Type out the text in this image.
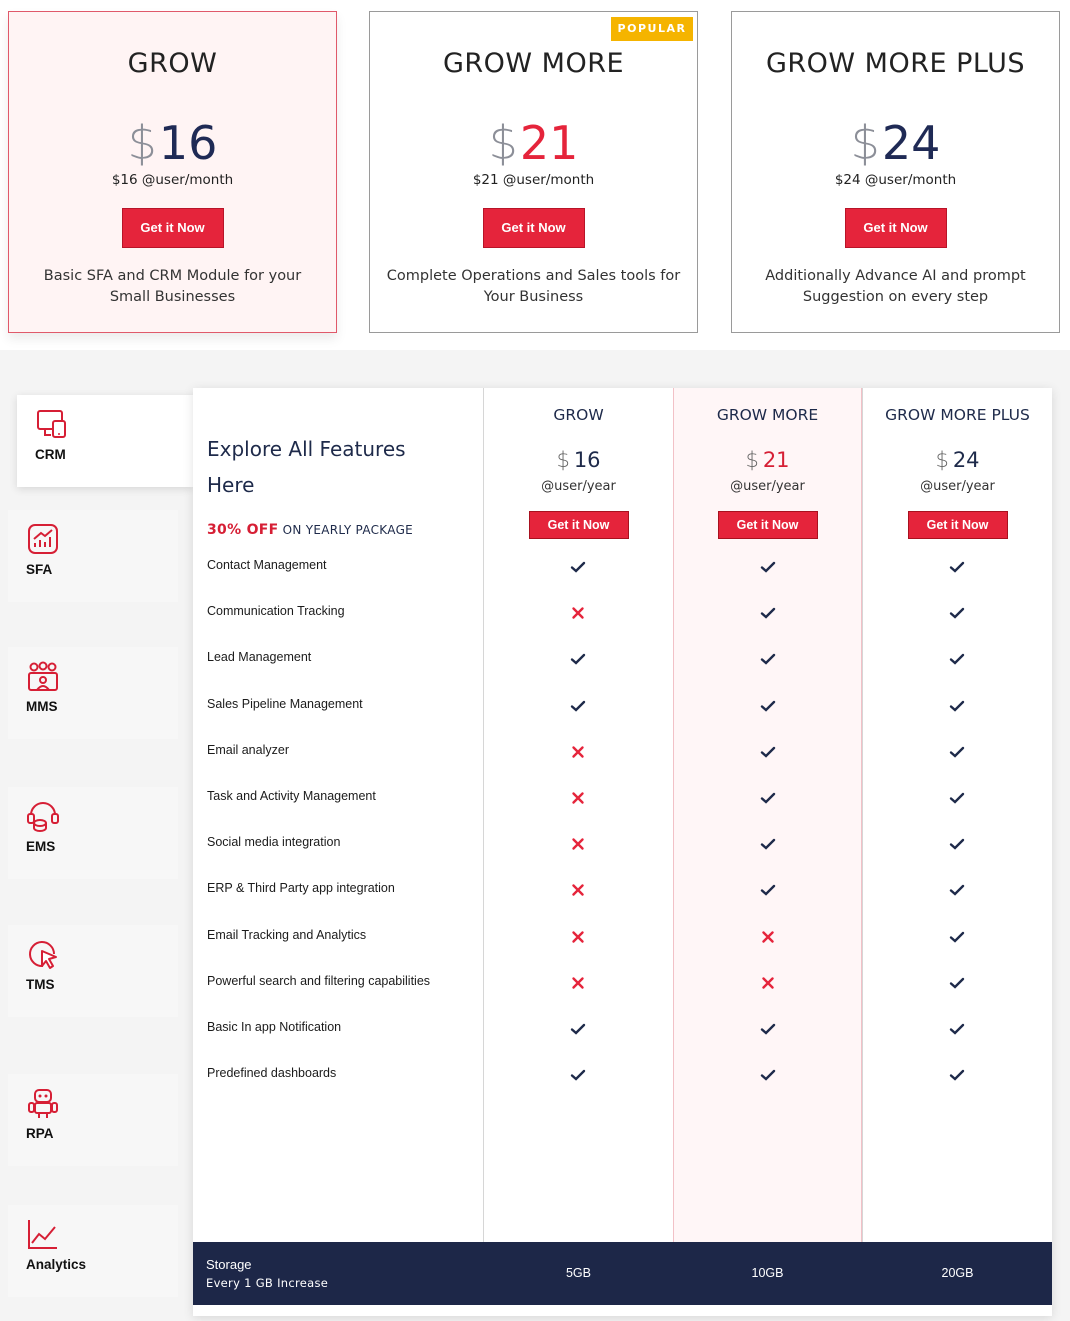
GROW
$16
$16 @user/month
Get it Now
Basic SFA and CRM Module for your Small Businesses
POPULAR
GROW MORE
$21
$21 @user/month
Get it Now
Complete Operations and Sales tools for Your Business
GROW MORE PLUS
$24
$24 @user/month
Get it Now
Additionally Advance AI and prompt Suggestion on every step
CRM
SFA
MMS
EMS
TMS
RPA
Analytics
Explore All Features
Here
30% OFF ON YEARLY PACKAGE
GROW
$ 16
@user/year
Get it Now
GROW MORE
$ 21
@user/year
Get it Now
GROW MORE PLUS
$ 24
@user/year
Get it Now
Contact Management
Communication Tracking
Lead Management
Sales Pipeline Management
Email analyzer
Task and Activity Management
Social media integration
ERP & Third Party app integration
Email Tracking and Analytics
Powerful search and filtering capabilities
Basic In app Notification
Predefined dashboards
Storage
Every 1 GB Increase
5GB	10GB	20GB
